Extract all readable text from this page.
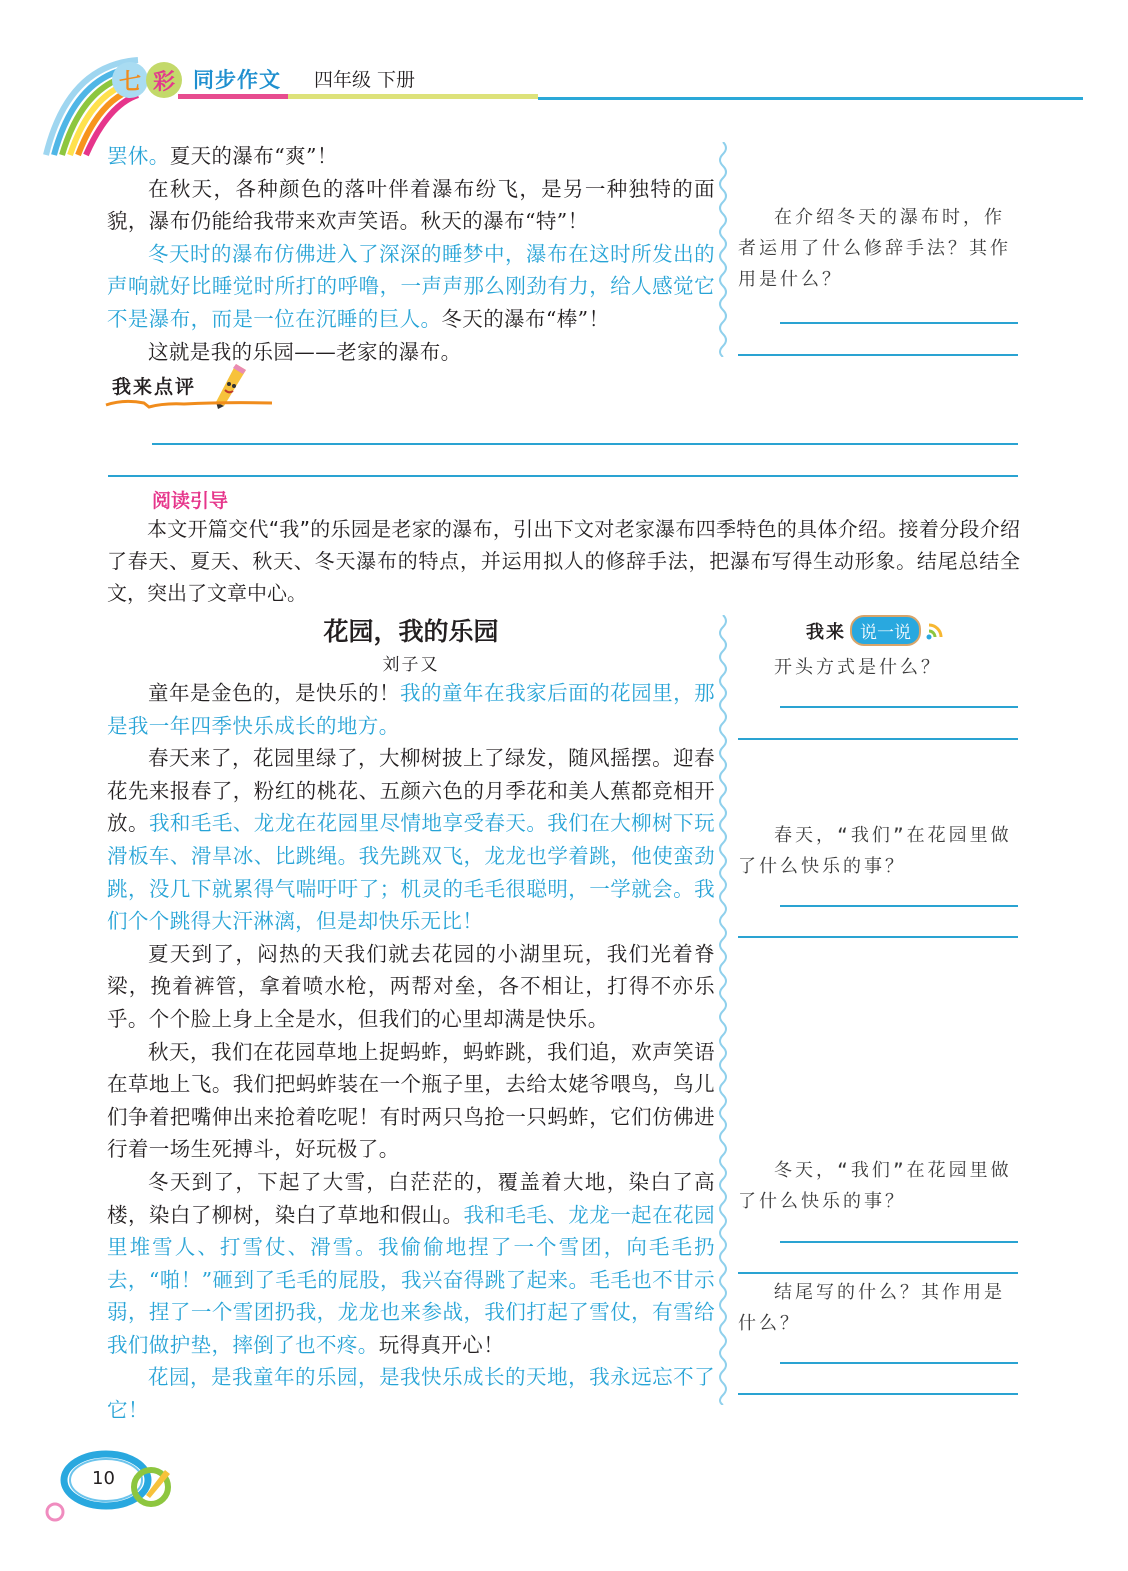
七 彩 同步作文 四年级 下册

罢休。夏天的瀑布“爽”！

在秋天，各种颜色的落叶伴着瀑布纷飞，是另一种独特的面貌，瀑布仍能给我带来欢声笑语。秋天的瀑布“特”！

冬天时的瀑布仿佛进入了深深的睡梦中，瀑布在这时所发出的声响就好比睡觉时所打的呼噜，一声声那么刚劲有力，给人感觉它不是瀑布，而是一位在沉睡的巨人。冬天的瀑布“棒”！

这就是我的乐园——老家的瀑布。

在介绍冬天的瀑布时，作者运用了什么修辞手法？其作用是什么？
我来点评
阅读引导
本文开篇交代“我”的乐园是老家的瀑布，引出下文对老家瀑布四季特色的具体介绍。接着分段介绍了春天、夏天、秋天、冬天瀑布的特点，并运用拟人的修辞手法，把瀑布写得生动形象。结尾总结全文，突出了文章中心。
花园，我的乐园
刘子又

童年是金色的，是快乐的！我的童年在我家后面的花园里，那是我一年四季快乐成长的地方。

春天来了，花园里绿了，大柳树披上了绿发，随风摇摆。迎春花先来报春了，粉红的桃花、五颜六色的月季花和美人蕉都竞相开放。我和毛毛、龙龙在花园里尽情地享受春天。我们在大柳树下玩滑板车、滑旱冰、比跳绳。我先跳双飞，龙龙也学着跳，他使蛮劲跳，没几下就累得气喘吁吁了；机灵的毛毛很聪明，一学就会。我们个个跳得大汗淋漓，但是却快乐无比！

夏天到了，闷热的天我们就去花园的小湖里玩，我们光着脊梁，挽着裤管，拿着喷水枪，两帮对垒，各不相让，打得不亦乐乎。个个脸上身上全是水，但我们的心里却满是快乐。

秋天，我们在花园草地上捉蚂蚱，蚂蚱跳，我们追，欢声笑语在草地上飞。我们把蚂蚱装在一个瓶子里，去给太姥爷喂鸟，鸟儿们争着把嘴伸出来抢着吃呢！有时两只鸟抢一只蚂蚱，它们仿佛进行着一场生死搏斗，好玩极了。

冬天到了，下起了大雪，白茫茫的，覆盖着大地，染白了高楼，染白了柳树，染白了草地和假山。我和毛毛、龙龙一起在花园里堆雪人、打雪仗、滑雪。我偷偷地捏了一个雪团，向毛毛扔去，“啪！”砸到了毛毛的屁股，我兴奋得跳了起来。毛毛也不甘示弱，捏了一个雪团扔我，龙龙也来参战，我们打起了雪仗，有雪给我们做护垫，摔倒了也不疼。玩得真开心！

花园，是我童年的乐园，是我快乐成长的天地，我永远忘不了它！

我来 说一说
开头方式是什么？
春天，“我们”在花园里做了什么快乐的事？
冬天，“我们”在花园里做了什么快乐的事？
结尾写的什么？其作用是什么？
10
